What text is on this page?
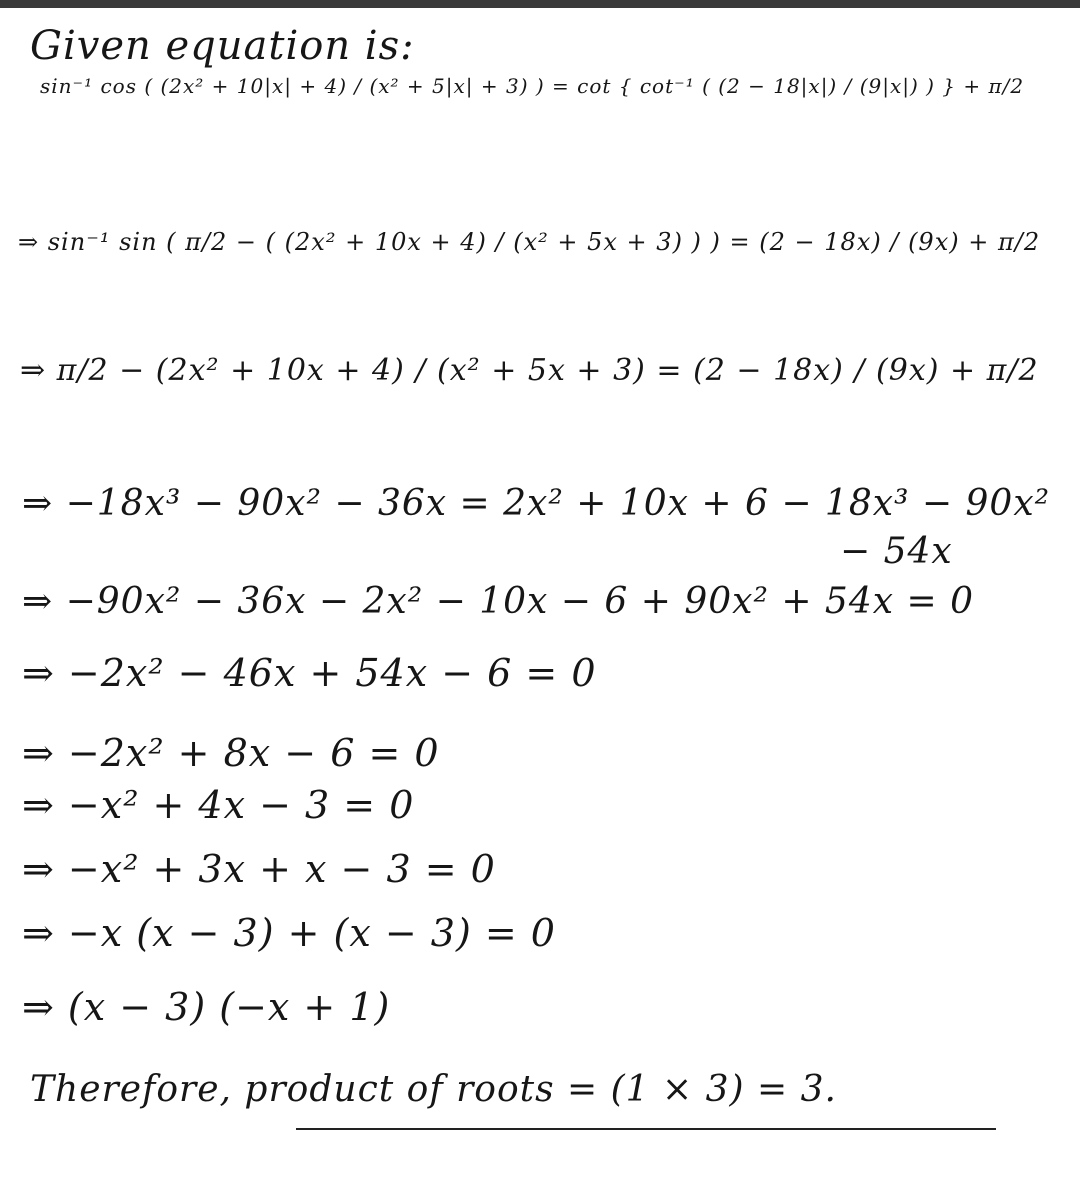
Given equation is:
sin⁻¹ cos ( (2x² + 10|x| + 4) / (x² + 5|x| + 3) ) = cot { cot⁻¹ ( (2 − 18|x|) / (9|x|) ) } + π/2
⇒ sin⁻¹ sin ( π/2 − ( (2x² + 10x + 4) / (x² + 5x + 3) ) ) = (2 − 18x) / (9x) + π/2
⇒ π/2 − (2x² + 10x + 4) / (x² + 5x + 3) = (2 − 18x) / (9x) + π/2
⇒ −18x³ − 90x² − 36x = 2x² + 10x + 6 − 18x³ − 90x²
− 54x
⇒ −90x² − 36x − 2x² − 10x − 6 + 90x² + 54x = 0
⇒ −2x² − 46x + 54x − 6 = 0
⇒ −2x² + 8x − 6 = 0
⇒ −x² + 4x − 3 = 0
⇒ −x² + 3x + x − 3 = 0
⇒ −x (x − 3) + (x − 3) = 0
⇒ (x − 3) (−x + 1)
Therefore, product of roots = (1 × 3) = 3.
